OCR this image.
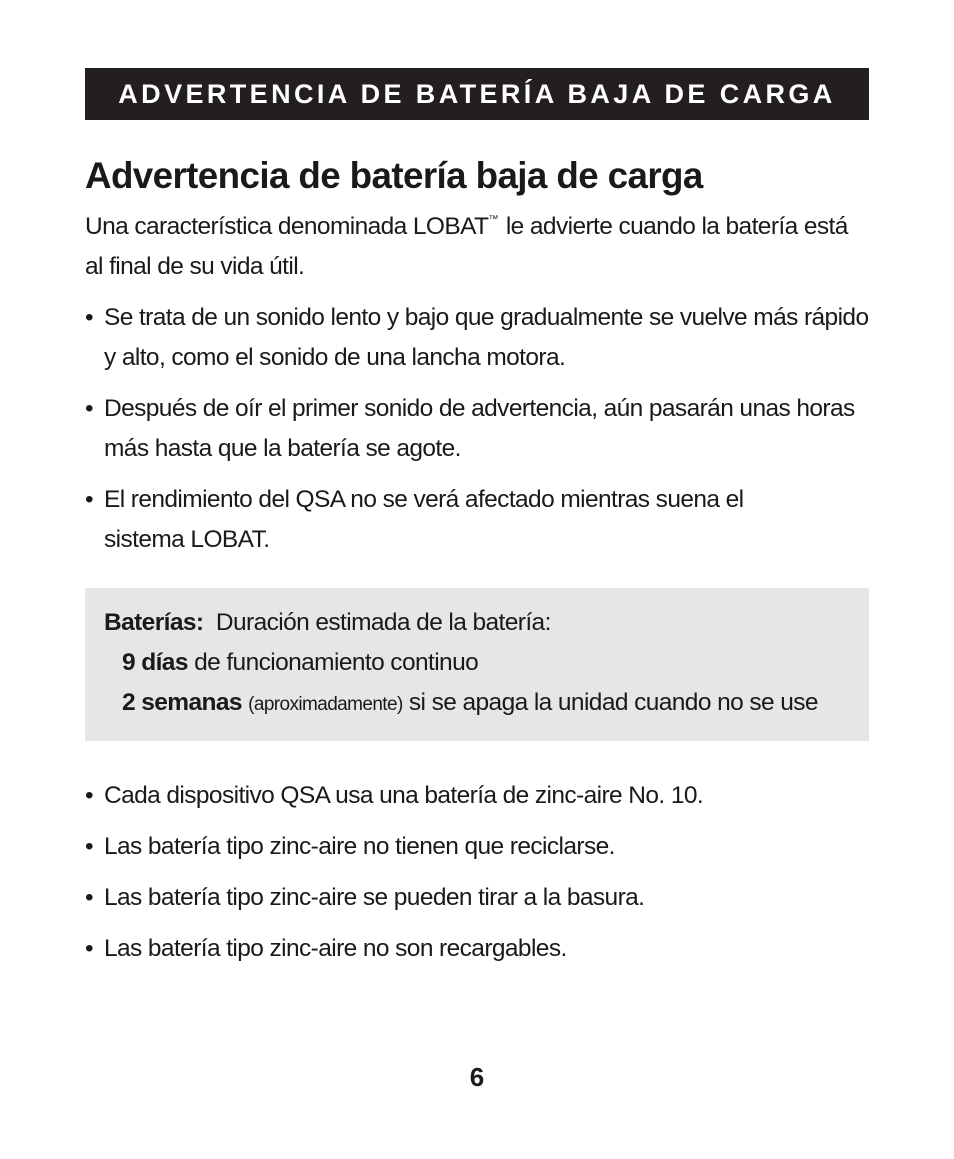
ADVERTENCIA DE BATERÍA BAJA DE CARGA
Advertencia de batería baja de carga

Una característica denominada LOBAT™ le advierte cuando la batería está al final de su vida útil.

• Se trata de un sonido lento y bajo que gradualmente se vuelve más rápido y alto, como el sonido de una lancha motora.
• Después de oír el primer sonido de advertencia, aún pasarán unas horas más hasta que la batería se agote.
• El rendimiento del QSA no se verá afectado mientras suena el sistema LOBAT.
Baterías: Duración estimada de la batería:
9 días de funcionamiento continuo
2 semanas (aproximadamente) si se apaga la unidad cuando no se use
• Cada dispositivo QSA usa una batería de zinc-aire No. 10.
• Las batería tipo zinc-aire no tienen que reciclarse.
• Las batería tipo zinc-aire se pueden tirar a la basura.
• Las batería tipo zinc-aire no son recargables.
6
